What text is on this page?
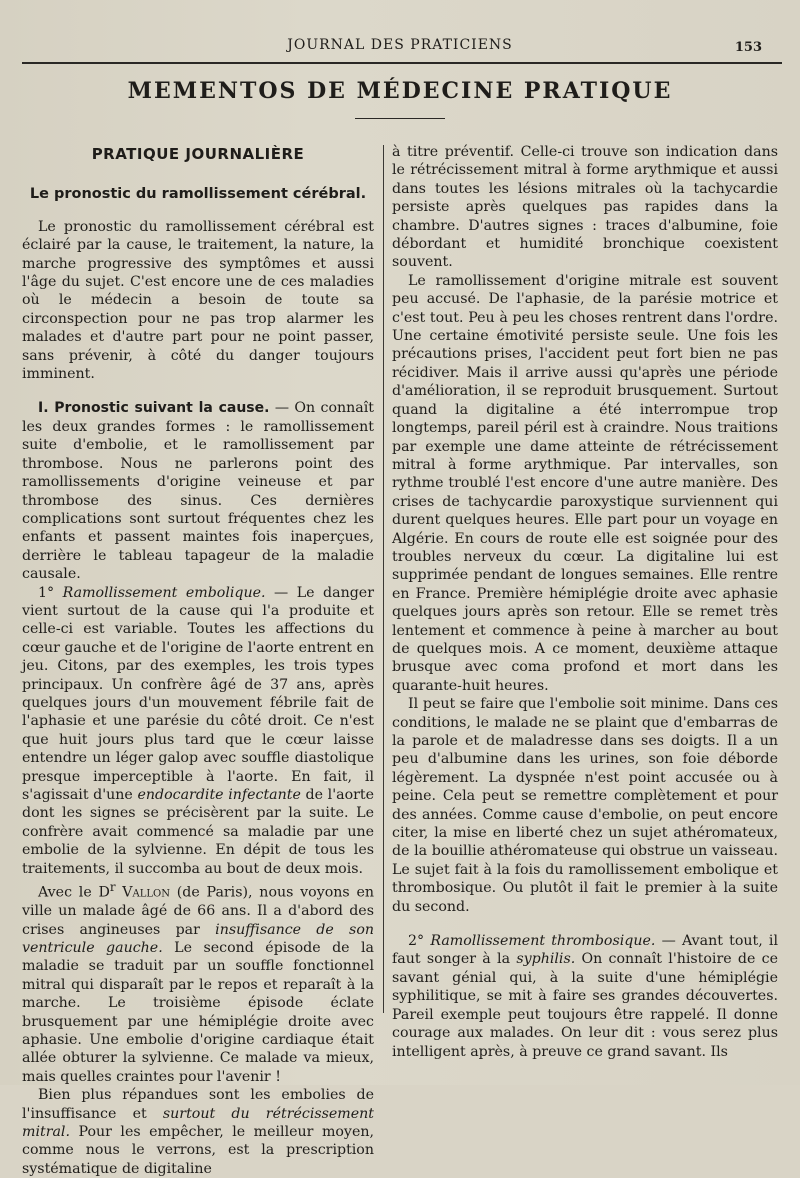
JOURNAL DES PRATICIENS	153
MEMENTOS DE MÉDECINE PRATIQUE
PRATIQUE JOURNALIÈRE
Le pronostic du ramollissement cérébral.

Le pronostic du ramollissement cérébral est éclairé par la cause, le traitement, la nature, la marche progressive des symptômes et aussi l'âge du sujet. C'est encore une de ces maladies où le médecin a besoin de toute sa circonspection pour ne pas trop alarmer les malades et d'autre part pour ne point passer, sans prévenir, à côté du danger toujours imminent.

I. Pronostic suivant la cause. — On connaît les deux grandes formes : le ramollissement suite d'embolie, et le ramollissement par thrombose. Nous ne parlerons point des ramollissements d'origine veineuse et par thrombose des sinus. Ces dernières complications sont surtout fréquentes chez les enfants et passent maintes fois inaperçues, derrière le tableau tapageur de la maladie causale.

1° Ramollissement embolique. — Le danger vient surtout de la cause qui l'a produite et celle-ci est variable. Toutes les affections du cœur gauche et de l'origine de l'aorte entrent en jeu. Citons, par des exemples, les trois types principaux. Un confrère âgé de 37 ans, après quelques jours d'un mouvement fébrile fait de l'aphasie et une parésie du côté droit. Ce n'est que huit jours plus tard que le cœur laisse entendre un léger galop avec souffle diastolique presque imperceptible à l'aorte. En fait, il s'agissait d'une endocardite infectante de l'aorte dont les signes se précisèrent par la suite. Le confrère avait commencé sa maladie par une embolie de la sylvienne. En dépit de tous les traitements, il succomba au bout de deux mois.

Avec le $D^r$ Vallon (de Paris), nous voyons en ville un malade âgé de 66 ans. Il a d'abord des crises angineuses par insuffisance de son ventricule gauche. Le second épisode de la maladie se traduit par un souffle fonctionnel mitral qui disparaît par le repos et reparaît à la marche. Le troisième épisode éclate brusquement par une hémiplégie droite avec aphasie. Une embolie d'origine cardiaque était allée obturer la sylvienne. Ce malade va mieux, mais quelles craintes pour l'avenir !

Bien plus répandues sont les embolies de l'insuffisance et surtout du rétrécissement mitral. Pour les empêcher, le meilleur moyen, comme nous le verrons, est la prescription systématique de digitaline

à titre préventif. Celle-ci trouve son indication dans le rétrécissement mitral à forme arythmique et aussi dans toutes les lésions mitrales où la tachycardie persiste après quelques pas rapides dans la chambre. D'autres signes : traces d'albumine, foie débordant et humidité bronchique coexistent souvent.

Le ramollissement d'origine mitrale est souvent peu accusé. De l'aphasie, de la parésie motrice et c'est tout. Peu à peu les choses rentrent dans l'ordre. Une certaine émotivité persiste seule. Une fois les précautions prises, l'accident peut fort bien ne pas récidiver. Mais il arrive aussi qu'après une période d'amélioration, il se reproduit brusquement. Surtout quand la digitaline a été interrompue trop longtemps, pareil péril est à craindre. Nous traitions par exemple une dame atteinte de rétrécissement mitral à forme arythmique. Par intervalles, son rythme troublé l'est encore d'une autre manière. Des crises de tachycardie paroxystique surviennent qui durent quelques heures. Elle part pour un voyage en Algérie. En cours de route elle est soignée pour des troubles nerveux du cœur. La digitaline lui est supprimée pendant de longues semaines. Elle rentre en France. Première hémiplégie droite avec aphasie quelques jours après son retour. Elle se remet très lentement et commence à peine à marcher au bout de quelques mois. A ce moment, deuxième attaque brusque avec coma profond et mort dans les quarante-huit heures.

Il peut se faire que l'embolie soit minime. Dans ces conditions, le malade ne se plaint que d'embarras de la parole et de maladresse dans ses doigts. Il a un peu d'albumine dans les urines, son foie déborde légèrement. La dyspnée n'est point accusée ou à peine. Cela peut se remettre complètement et pour des années. Comme cause d'embolie, on peut encore citer, la mise en liberté chez un sujet athéromateux, de la bouillie athéromateuse qui obstrue un vaisseau. Le sujet fait à la fois du ramollissement embolique et thrombosique. Ou plutôt il fait le premier à la suite du second.

2° Ramollissement thrombosique. — Avant tout, il faut songer à la syphilis. On connaît l'histoire de ce savant génial qui, à la suite d'une hémiplégie syphilitique, se mit à faire ses grandes découvertes. Pareil exemple peut toujours être rappelé. Il donne courage aux malades. On leur dit : vous serez plus intelligent après, à preuve ce grand savant. Ils
